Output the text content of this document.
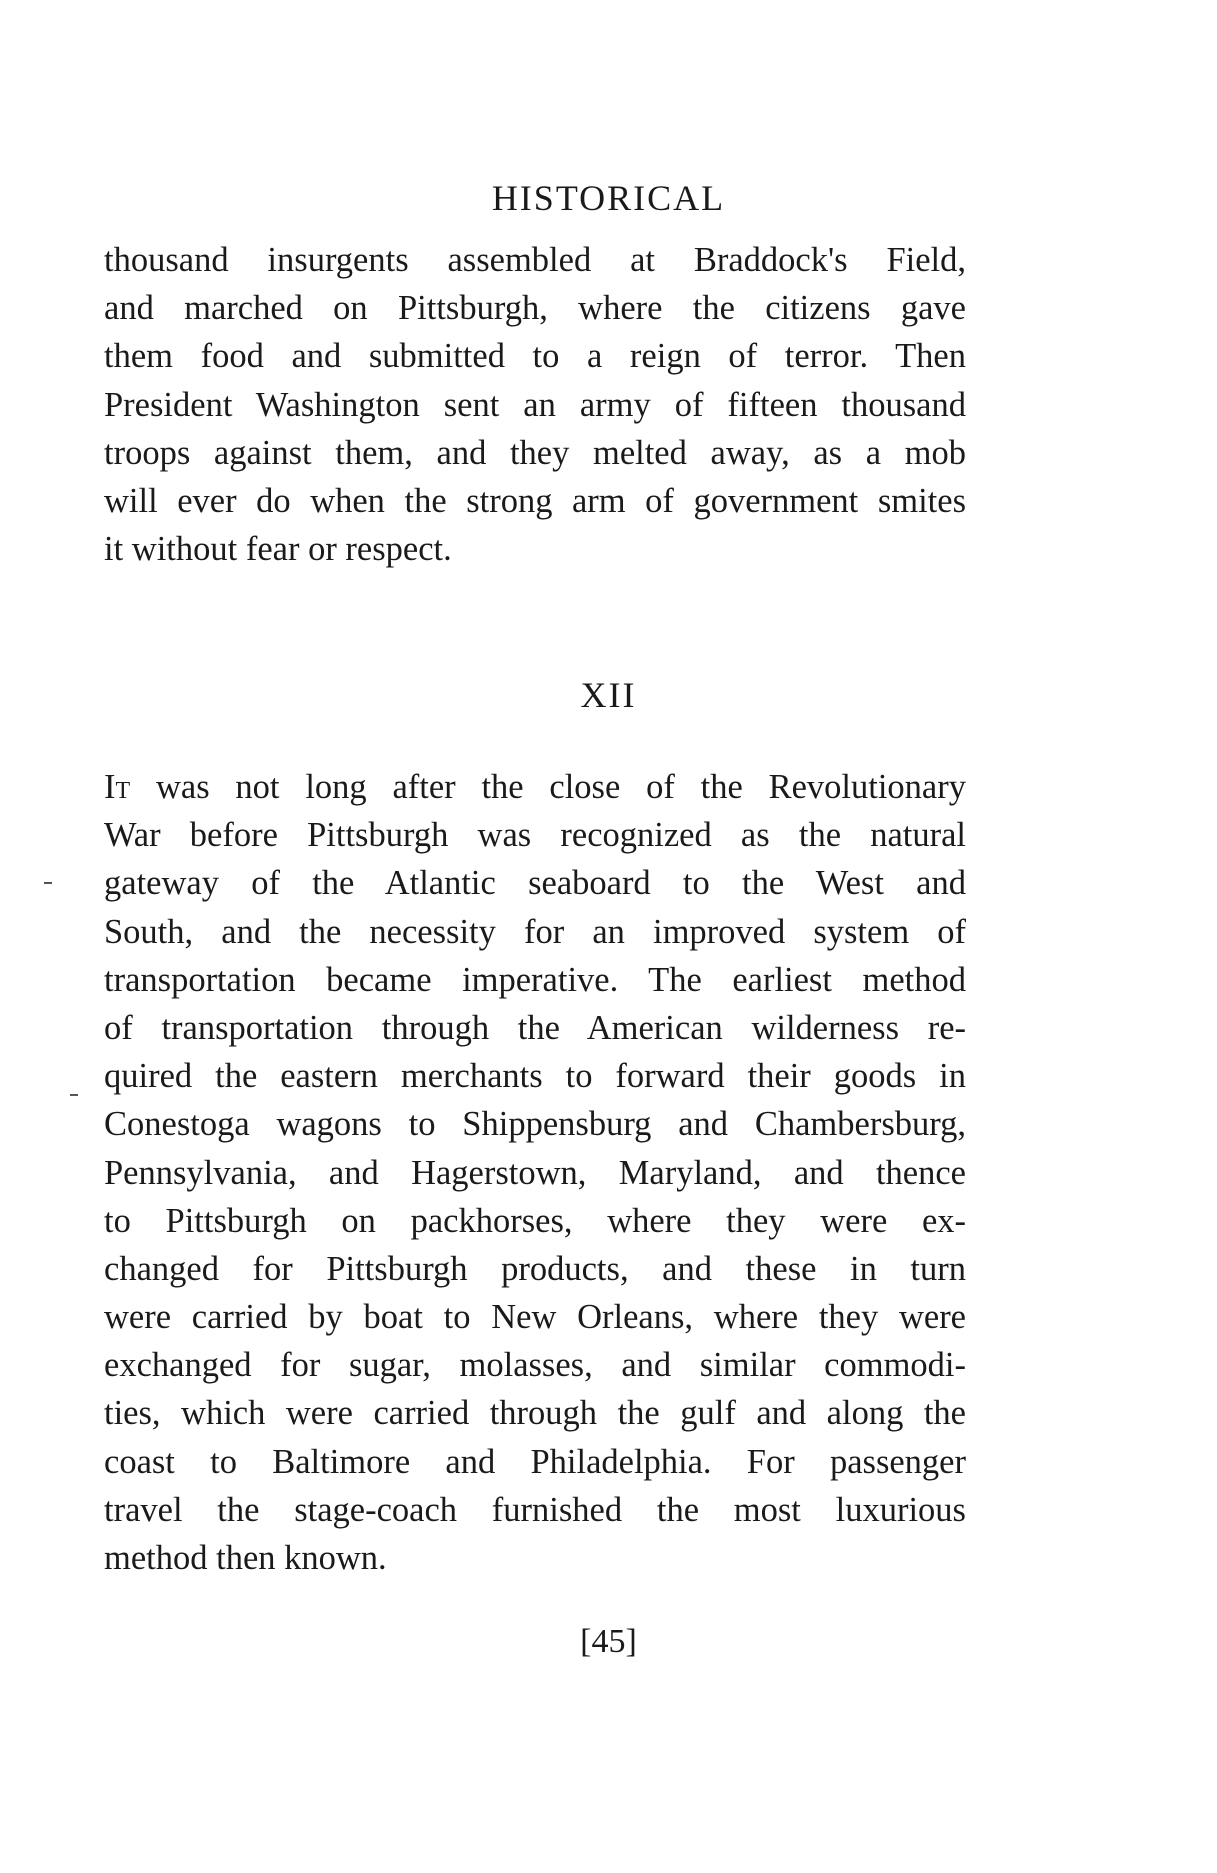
HISTORICAL
thousand insurgents assembled at Braddock's Field,
and marched on Pittsburgh, where the citizens gave
them food and submitted to a reign of terror. Then
President Washington sent an army of fifteen thousand
troops against them, and they melted away, as a mob
will ever do when the strong arm of government smites
it without fear or respect.
XII
It was not long after the close of the Revolutionary
War before Pittsburgh was recognized as the natural
gateway of the Atlantic seaboard to the West and
South, and the necessity for an improved system of
transportation became imperative. The earliest method
of transportation through the American wilderness re-
quired the eastern merchants to forward their goods in
Conestoga wagons to Shippensburg and Chambersburg,
Pennsylvania, and Hagerstown, Maryland, and thence
to Pittsburgh on packhorses, where they were ex-
changed for Pittsburgh products, and these in turn
were carried by boat to New Orleans, where they were
exchanged for sugar, molasses, and similar commodi-
ties, which were carried through the gulf and along the
coast to Baltimore and Philadelphia. For passenger
travel the stage-coach furnished the most luxurious
method then known.
[45]
